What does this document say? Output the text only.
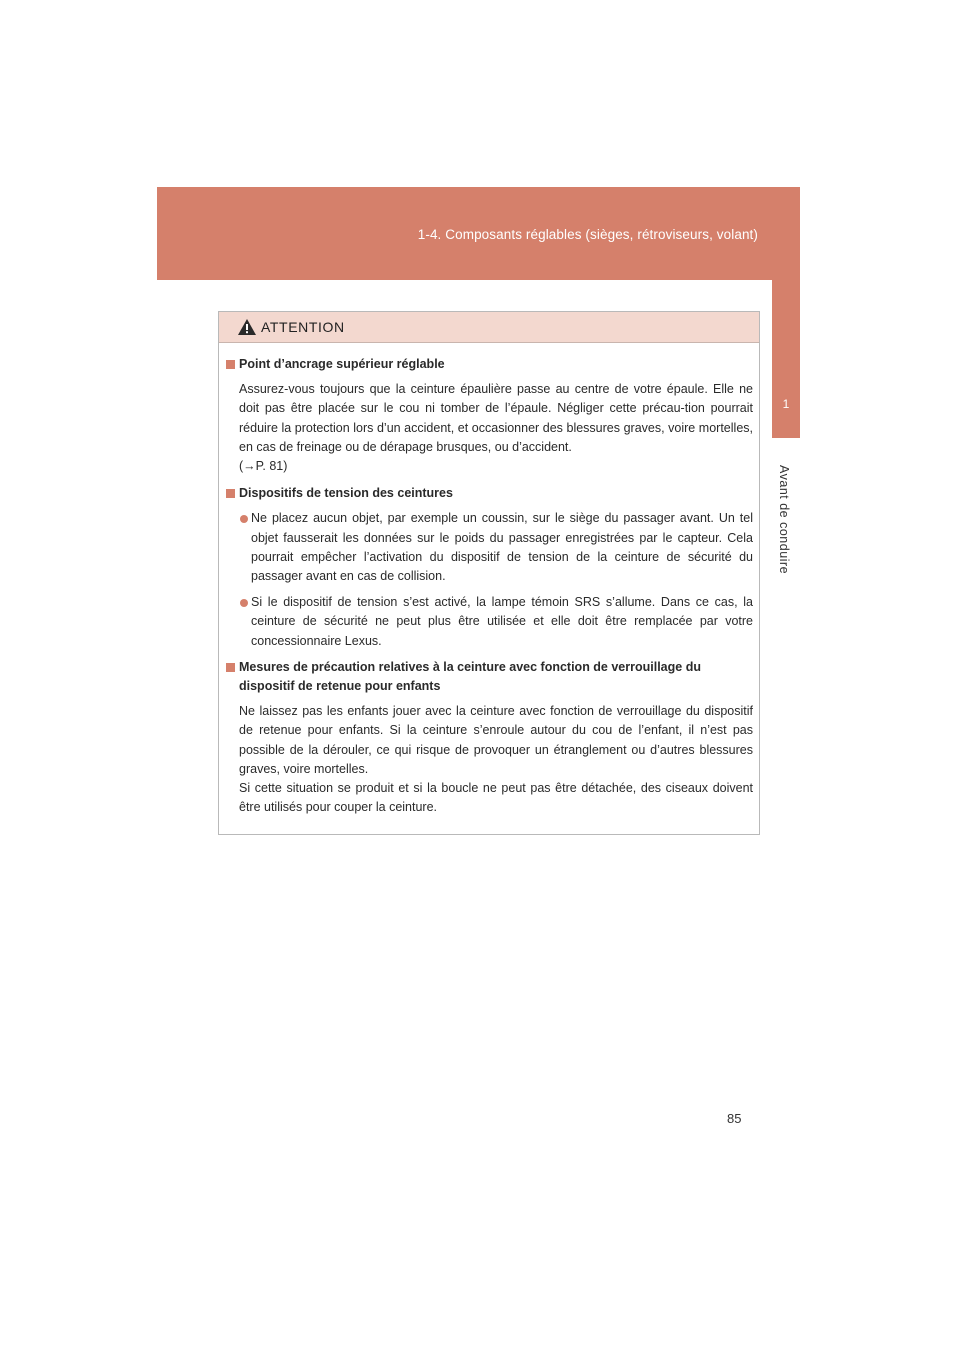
1-4. Composants réglables (sièges, rétroviseurs, volant)
1
Avant de conduire
ATTENTION
Point d’ancrage supérieur réglable

Assurez-vous toujours que la ceinture épaulière passe au centre de votre épaule. Elle ne doit pas être placée sur le cou ni tomber de l’épaule. Négliger cette précau-tion pourrait réduire la protection lors d’un accident, et occasionner des blessures graves, voire mortelles, en cas de freinage ou de dérapage brusques, ou d’accident.

(→P. 81)

Dispositifs de tension des ceintures

Ne placez aucun objet, par exemple un coussin, sur le siège du passager avant. Un tel objet fausserait les données sur le poids du passager enregistrées par le capteur. Cela pourrait empêcher l’activation du dispositif de tension de la ceinture de sécurité du passager avant en cas de collision.

Si le dispositif de tension s’est activé, la lampe témoin SRS s’allume. Dans ce cas, la ceinture de sécurité ne peut plus être utilisée et elle doit être remplacée par votre concessionnaire Lexus.

Mesures de précaution relatives à la ceinture avec fonction de verrouillage du dispositif de retenue pour enfants

Ne laissez pas les enfants jouer avec la ceinture avec fonction de verrouillage du dispositif de retenue pour enfants. Si la ceinture s’enroule autour du cou de l’enfant, il n’est pas possible de la dérouler, ce qui risque de provoquer un étranglement ou d’autres blessures graves, voire mortelles.

Si cette situation se produit et si la boucle ne peut pas être détachée, des ciseaux doivent être utilisés pour couper la ceinture.

85
